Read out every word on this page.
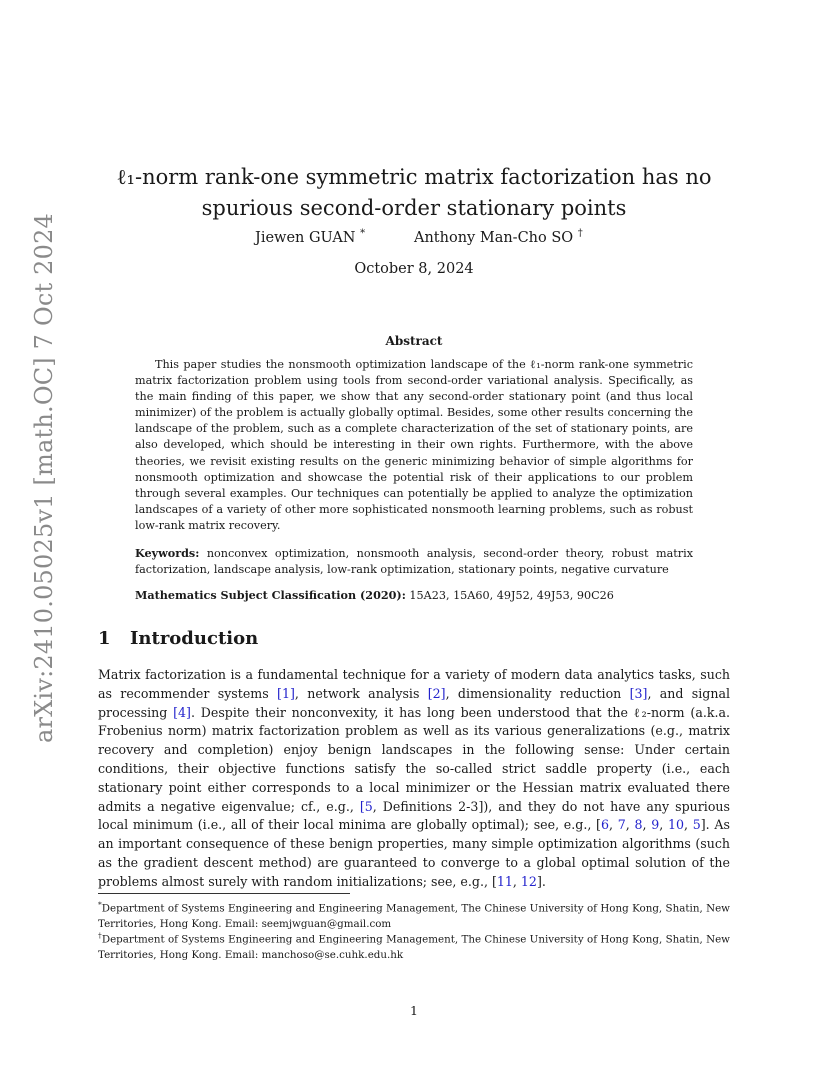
arXiv:2410.05025v1 [math.OC] 7 Oct 2024
ℓ₁-norm rank-one symmetric matrix factorization has no spurious second-order stationary points
Jiewen GUAN *	Anthony Man-Cho SO †
October 8, 2024
Abstract

This paper studies the nonsmooth optimization landscape of the ℓ₁-norm rank-one symmetric matrix factorization problem using tools from second-order variational analysis. Specifically, as the main finding of this paper, we show that any second-order stationary point (and thus local minimizer) of the problem is actually globally optimal. Besides, some other results concerning the landscape of the problem, such as a complete characterization of the set of stationary points, are also developed, which should be interesting in their own rights. Furthermore, with the above theories, we revisit existing results on the generic minimizing behavior of simple algorithms for nonsmooth optimization and showcase the potential risk of their applications to our problem through several examples. Our techniques can potentially be applied to analyze the optimization landscapes of a variety of other more sophisticated nonsmooth learning problems, such as robust low-rank matrix recovery.

Keywords: nonconvex optimization, nonsmooth analysis, second-order theory, robust matrix factorization, landscape analysis, low-rank optimization, stationary points, negative curvature

Mathematics Subject Classification (2020): 15A23, 15A60, 49J52, 49J53, 90C26

1 Introduction

Matrix factorization is a fundamental technique for a variety of modern data analytics tasks, such as recommender systems [1], network analysis [2], dimensionality reduction [3], and signal processing [4]. Despite their nonconvexity, it has long been understood that the ℓ₂-norm (a.k.a. Frobenius norm) matrix factorization problem as well as its various generalizations (e.g., matrix recovery and completion) enjoy benign landscapes in the following sense: Under certain conditions, their objective functions satisfy the so-called strict saddle property (i.e., each stationary point either corresponds to a local minimizer or the Hessian matrix evaluated there admits a negative eigenvalue; cf., e.g., [5, Definitions 2-3]), and they do not have any spurious local minimum (i.e., all of their local minima are globally optimal); see, e.g., [6, 7, 8, 9, 10, 5]. As an important consequence of these benign properties, many simple optimization algorithms (such as the gradient descent method) are guaranteed to converge to a global optimal solution of the problems almost surely with random initializations; see, e.g., [11, 12].

*Department of Systems Engineering and Engineering Management, The Chinese University of Hong Kong, Shatin, New Territories, Hong Kong. Email: seemjwguan@gmail.com

†Department of Systems Engineering and Engineering Management, The Chinese University of Hong Kong, Shatin, New Territories, Hong Kong. Email: manchoso@se.cuhk.edu.hk

1
